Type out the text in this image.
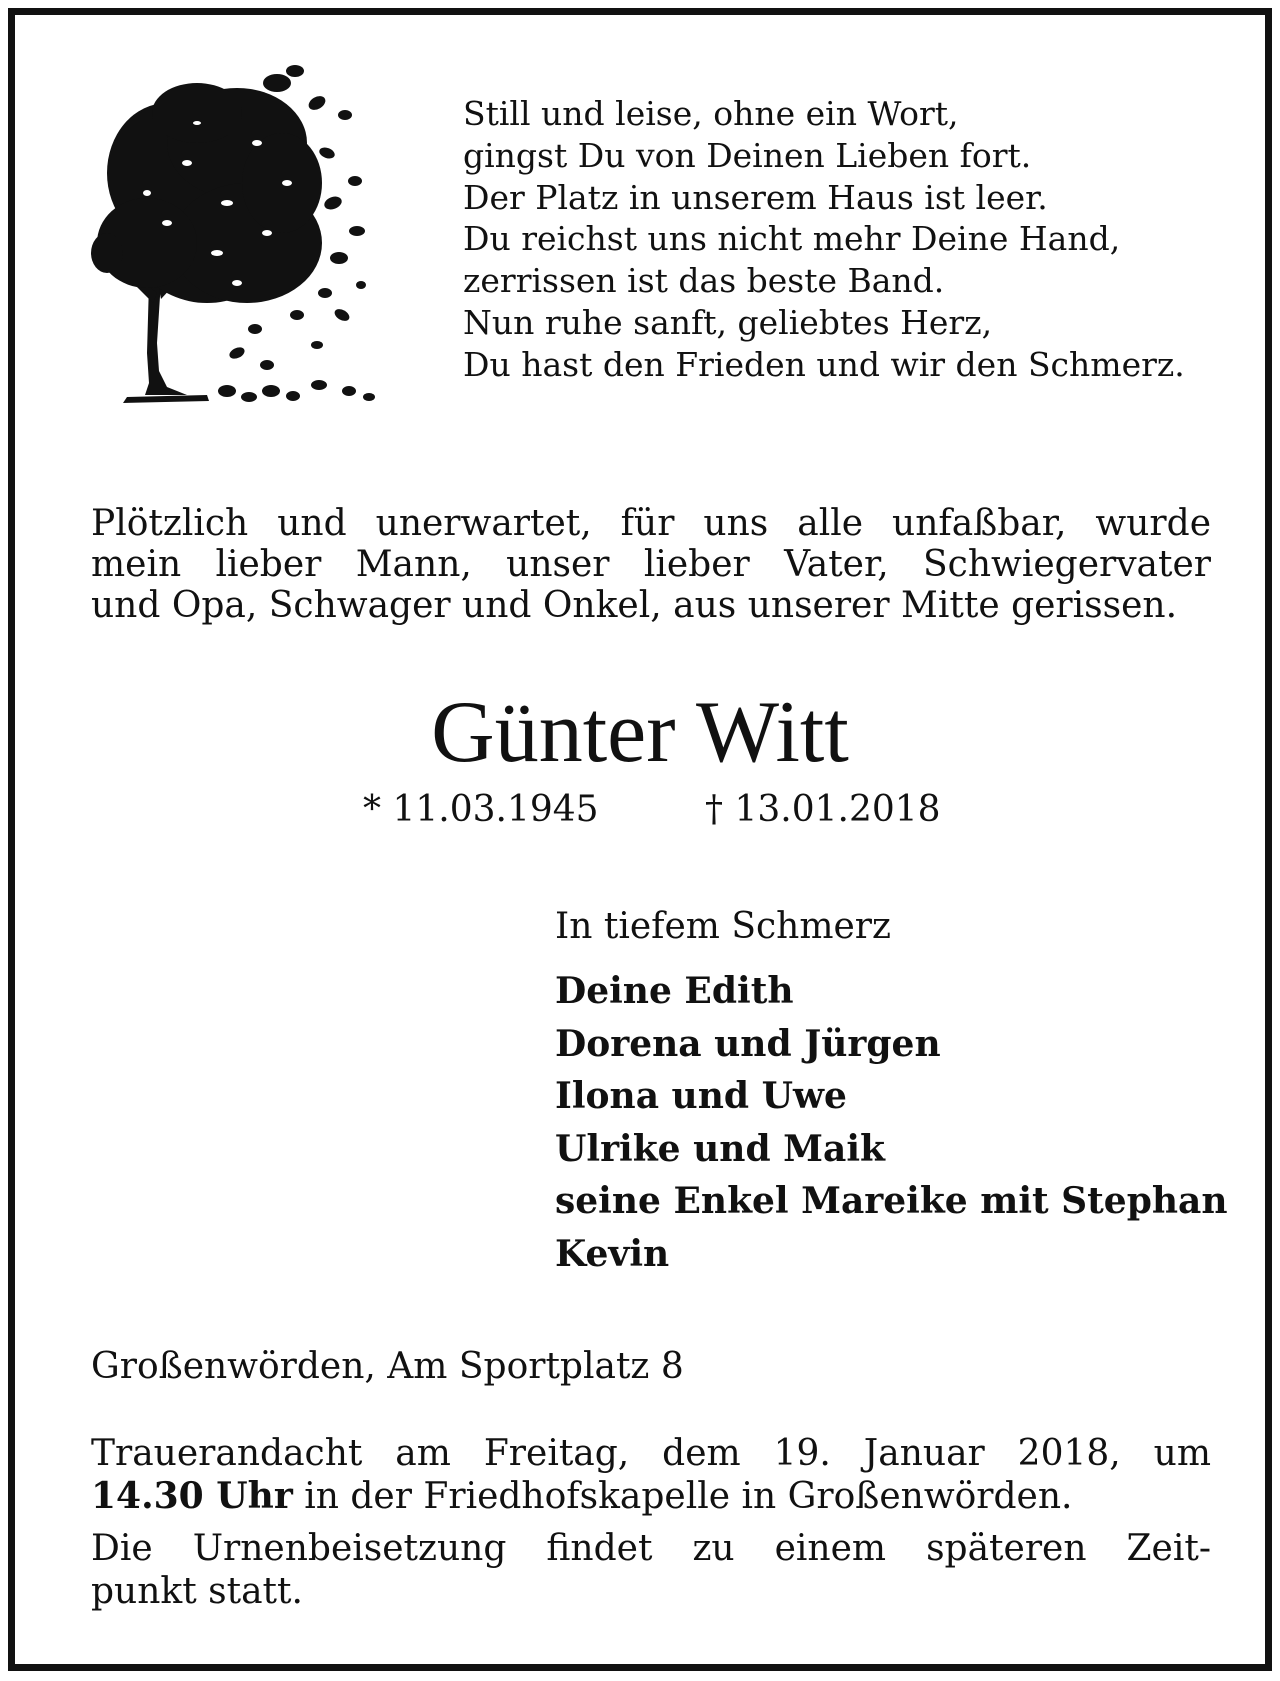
Still und leise, ohne ein Wort,
gingst Du von Deinen Lieben fort.
Der Platz in unserem Haus ist leer.
Du reichst uns nicht mehr Deine Hand,
zerrissen ist das beste Band.
Nun ruhe sanft, geliebtes Herz,
Du hast den Frieden und wir den Schmerz.
Plötzlich und unerwartet, für uns alle unfaßbar, wurde
mein lieber Mann, unser lieber Vater, Schwiegervater
und Opa, Schwager und Onkel, aus unserer Mitte gerissen.
Günter Witt
* 11.03.1945	† 13.01.2018
In tiefem Schmerz
Deine Edith
Dorena und Jürgen
Ilona und Uwe
Ulrike und Maik
seine Enkel Mareike mit Stephan
Kevin
Großenwörden, Am Sportplatz 8
Trauerandacht am Freitag, dem 19. Januar 2018, um
14.30 Uhr in der Friedhofskapelle in Großenwörden.
Die Urnenbeisetzung findet zu einem späteren Zeit-
punkt statt.
